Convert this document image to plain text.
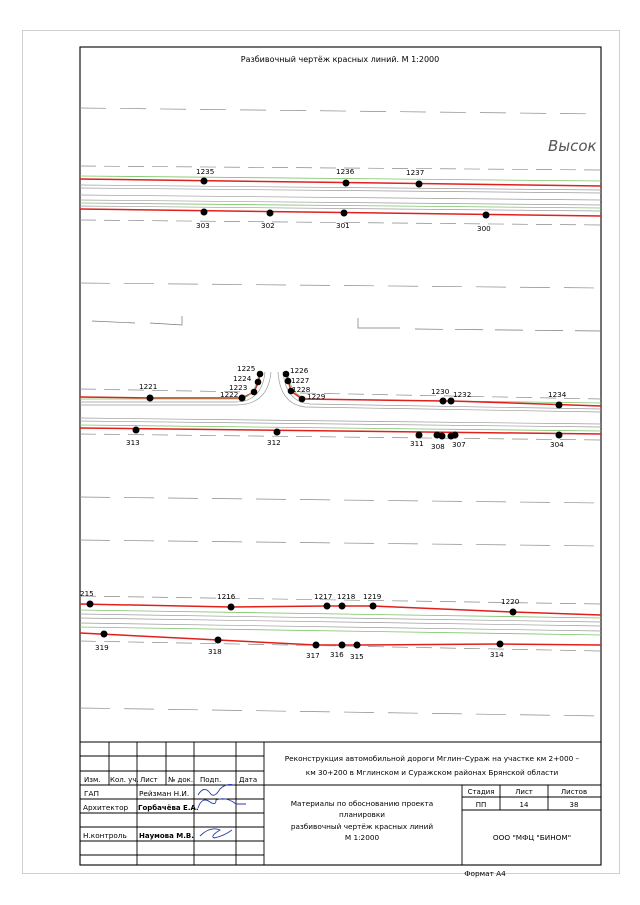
Разбивочный чертёж красных линий. М 1:2000
Высок
1235	1236	1237
303	302	301	300
1221
1222
1223
1224
1225	1226
1227
1228
1229
1230 1232	1234
313	312	311 308 307	304
215	1216	1217 1218 1219
1220
319	318	317 316 315	314
Изм. Кол. уч. Лист № док. Подп.	Дата
ГАП	Рейзман Н.И.
Архитектор Горбачёва Е.А.
Н.контроль Наумова М.В.
Реконструкция автомобильной дороги Мглин–Сураж на участке км 2+000 –
км 30+200 в Мглинском и Суражском районах Брянской области
Материалы по обоснованию проекта
планировки
разбивочный чертёж красных линий
М 1:2000
Стадия	Лист	Листов
ПП	14	38
ООО "МФЦ "БИНОМ"
Формат А4
